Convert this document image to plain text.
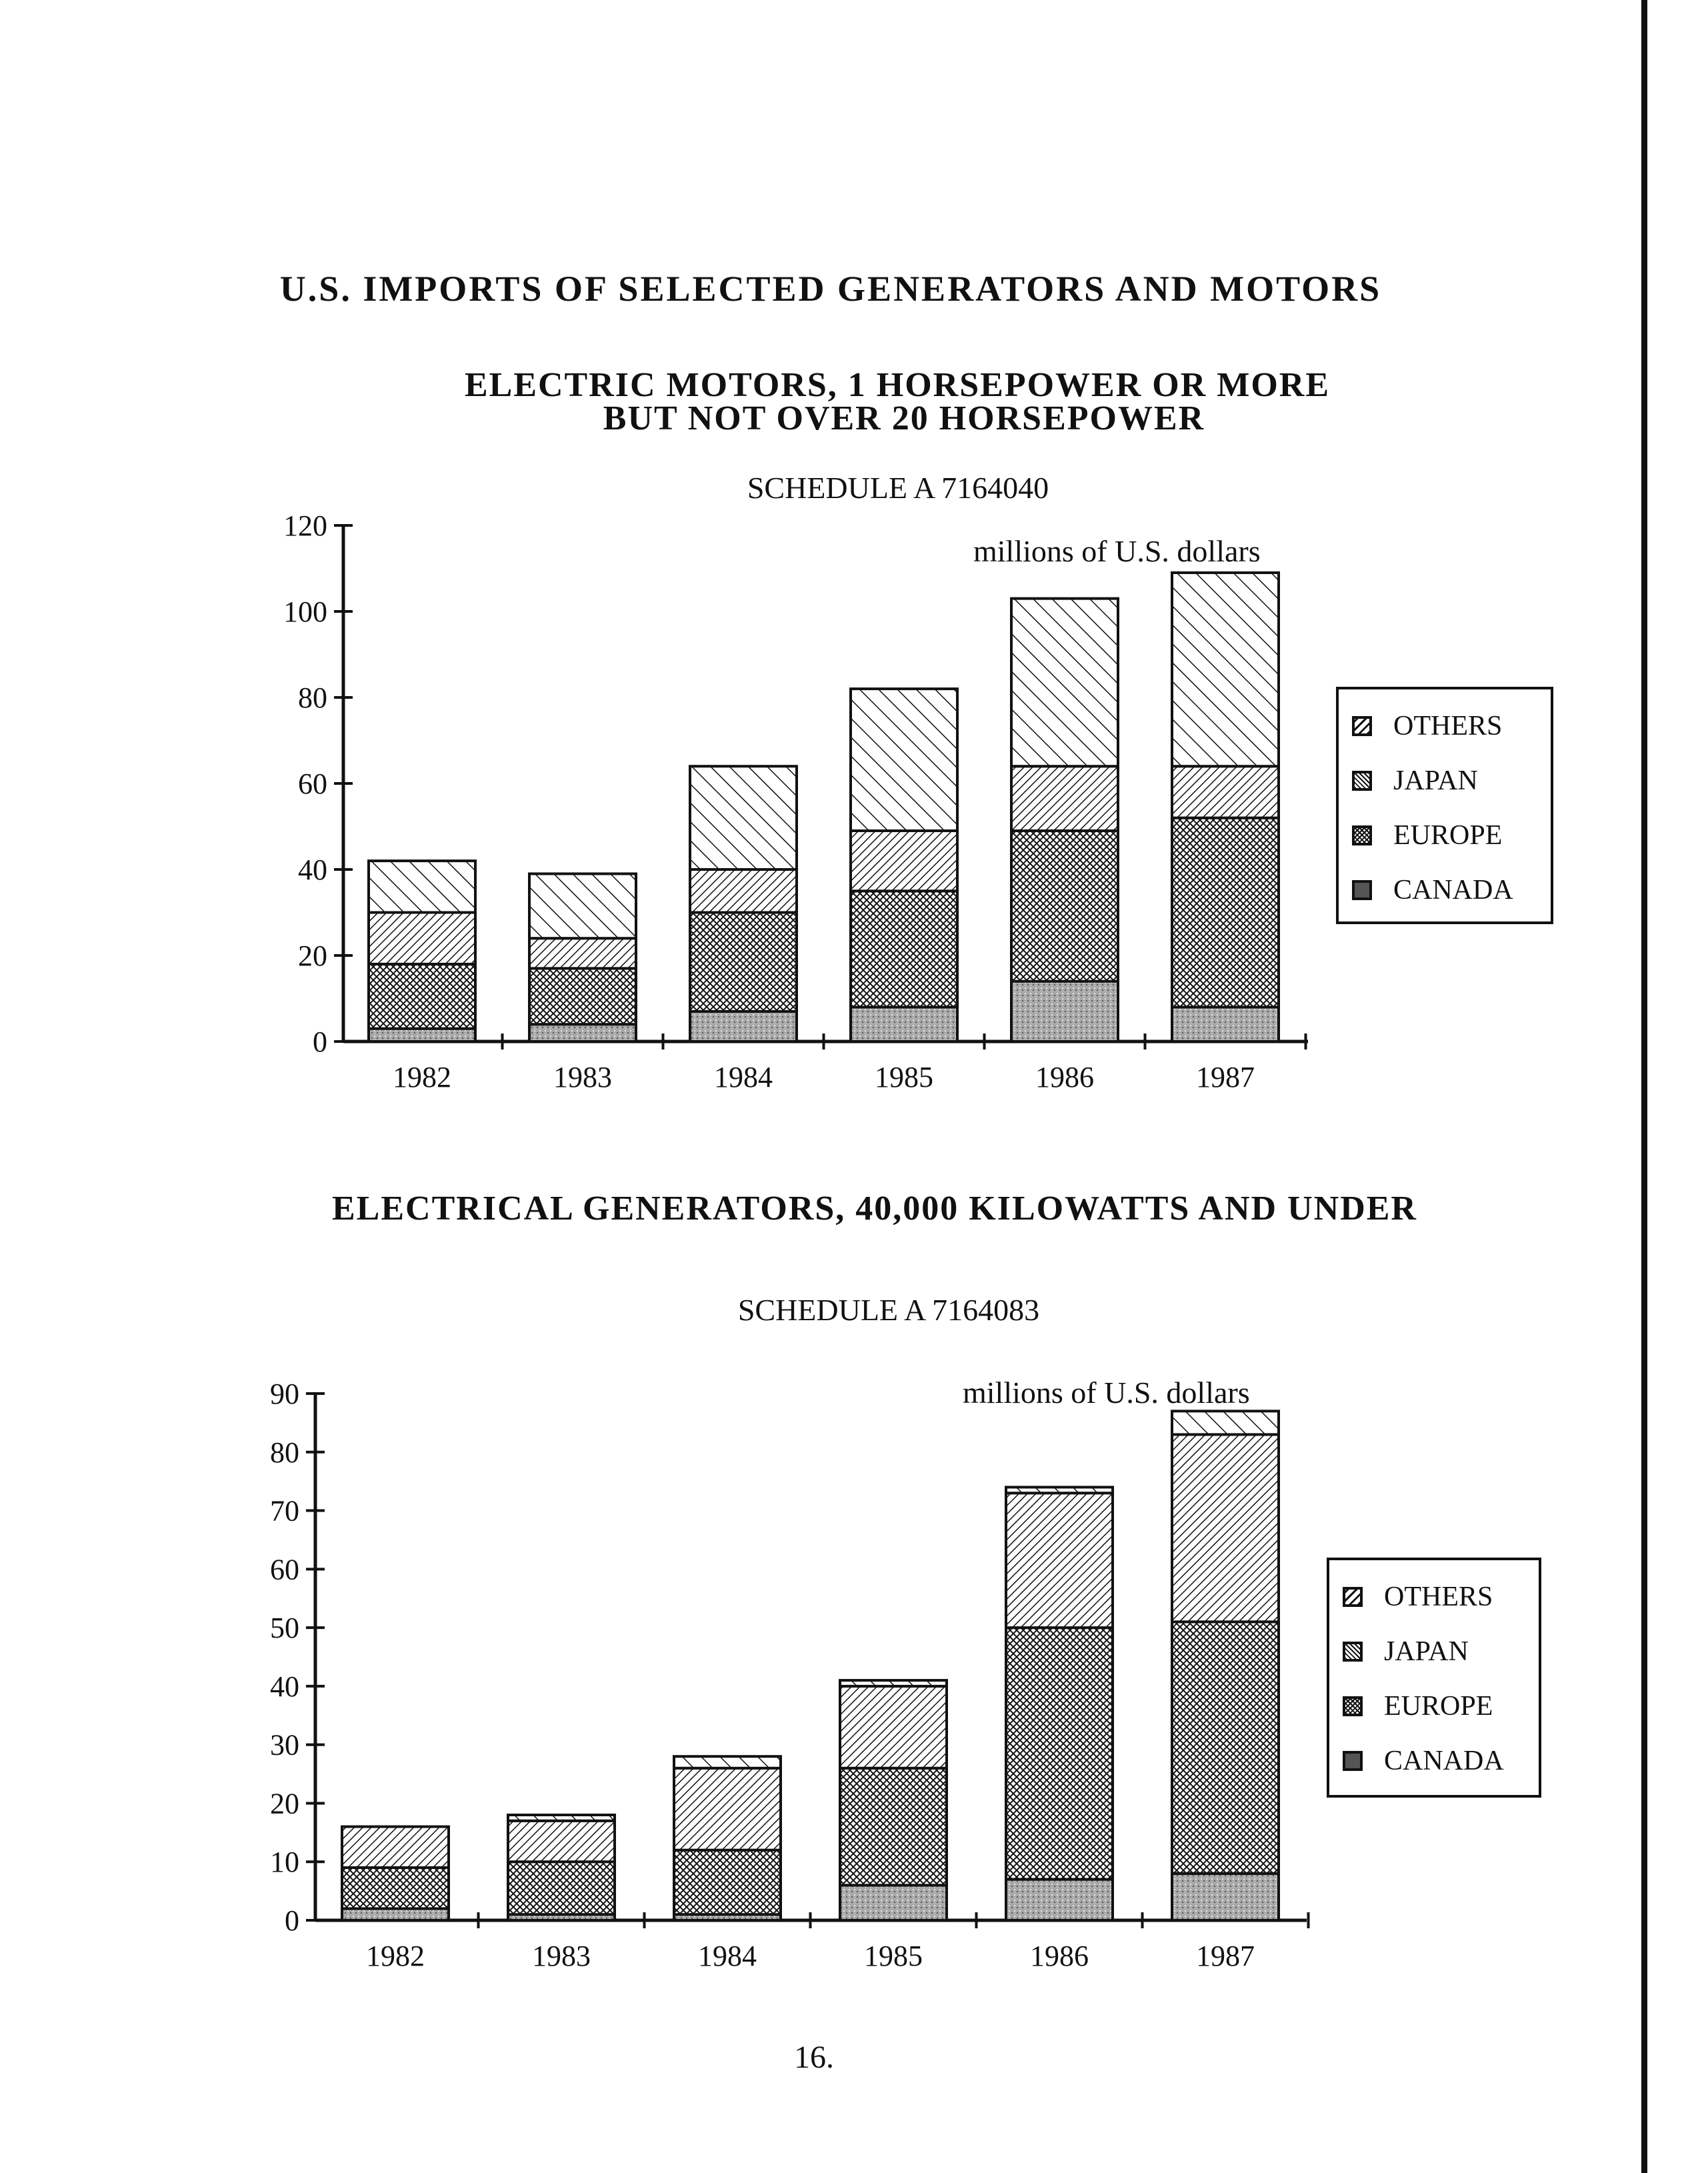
U.S. IMPORTS OF SELECTED GENERATORS AND MOTORS
ELECTRIC MOTORS, 1 HORSEPOWER OR MORE
BUT NOT OVER 20 HORSEPOWER
SCHEDULE A 7164040
millions of U.S. dollars
ELECTRICAL GENERATORS, 40,000 KILOWATTS AND UNDER
SCHEDULE A 7164083
millions of U.S. dollars
0
20
40
60
80
100
120
1982	1983	1984	1985	1986	1987
0
10
20
30
40
50
60
70
80
90
1982	1983	1984	1985	1986	1987
OTHERS
JAPAN
EUROPE
CANADA
OTHERS
JAPAN
EUROPE
CANADA
16.
